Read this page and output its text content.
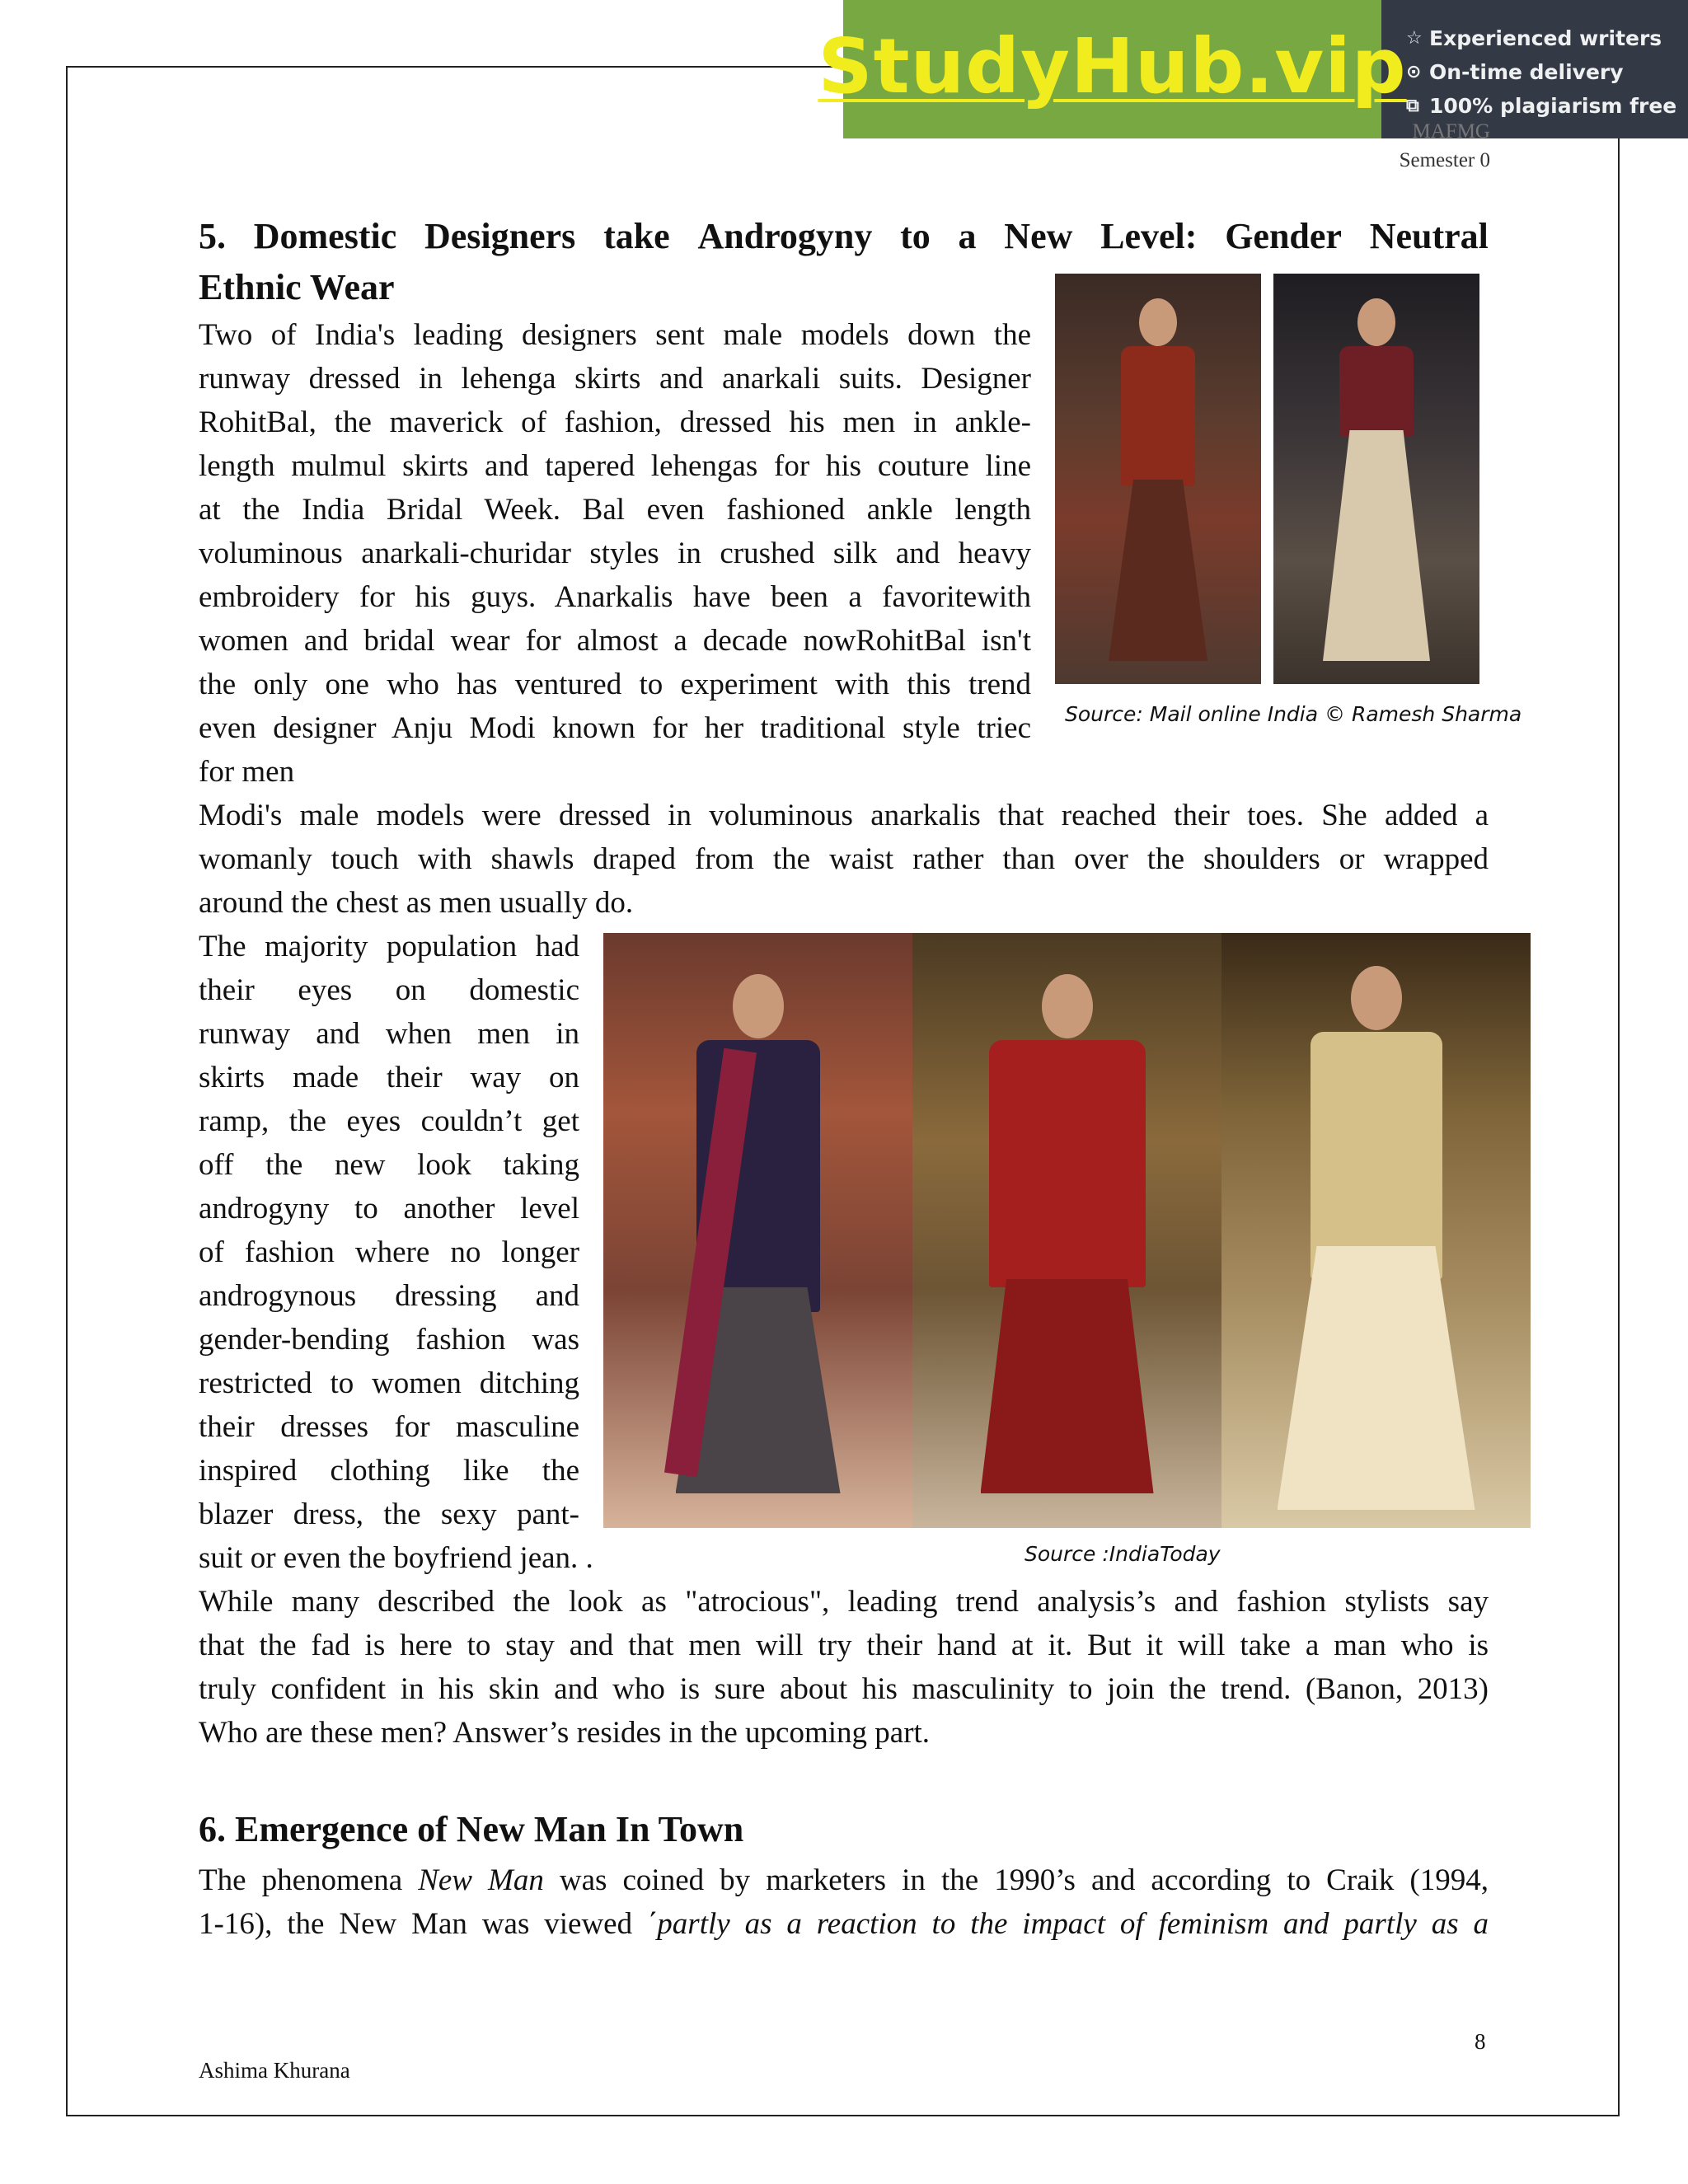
StudyHub.vip ☆ Experienced writers
⊙ On-time delivery
⧉ 100% plagiarism free
MAFMG
Semester 0
5. Domestic Designers take Androgyny to a New Level: Gender Neutral
Ethnic Wear
Two of India's leading designers sent male models down the
runway dressed in lehenga skirts and anarkali suits. Designer
RohitBal, the maverick of fashion, dressed his men in ankle-
length mulmul skirts and tapered lehengas for his couture line
at the India Bridal Week. Bal even fashioned ankle length
voluminous anarkali-churidar styles in crushed silk and heavy
embroidery for his guys. Anarkalis have been a favoritewith
women and bridal wear for almost a decade nowRohitBal isn't
the only one who has ventured to experiment with this trend
even designer Anju Modi known for her traditional style triec
for men
Source: Mail online India © Ramesh Sharma
Modi's male models were dressed in voluminous anarkalis that reached their toes. She added a
womanly touch with shawls draped from the waist rather than over the shoulders or wrapped
around the chest as men usually do.
The majority population had
their eyes on domestic
runway and when men in
skirts made their way on
ramp, the eyes couldn’t get
off the new look taking
androgyny to another level
of fashion where no longer
androgynous dressing and
gender-bending fashion was
restricted to women ditching
their dresses for masculine
inspired clothing like the
blazer dress, the sexy pant-
suit or even the boyfriend jean. .	Source :IndiaToday
While many described the look as "atrocious", leading trend analysis’s and fashion stylists say
that the fad is here to stay and that men will try their hand at it. But it will take a man who is
truly confident in his skin and who is sure about his masculinity to join the trend. (Banon, 2013)
Who are these men? Answer’s resides in the upcoming part.
6. Emergence of New Man In Town
The phenomena New Man was coined by marketers in the 1990’s and according to Craik (1994,
1-16), the New Man was viewed ΄partly as a reaction to the impact of feminism and partly as a
8
Ashima Khurana
